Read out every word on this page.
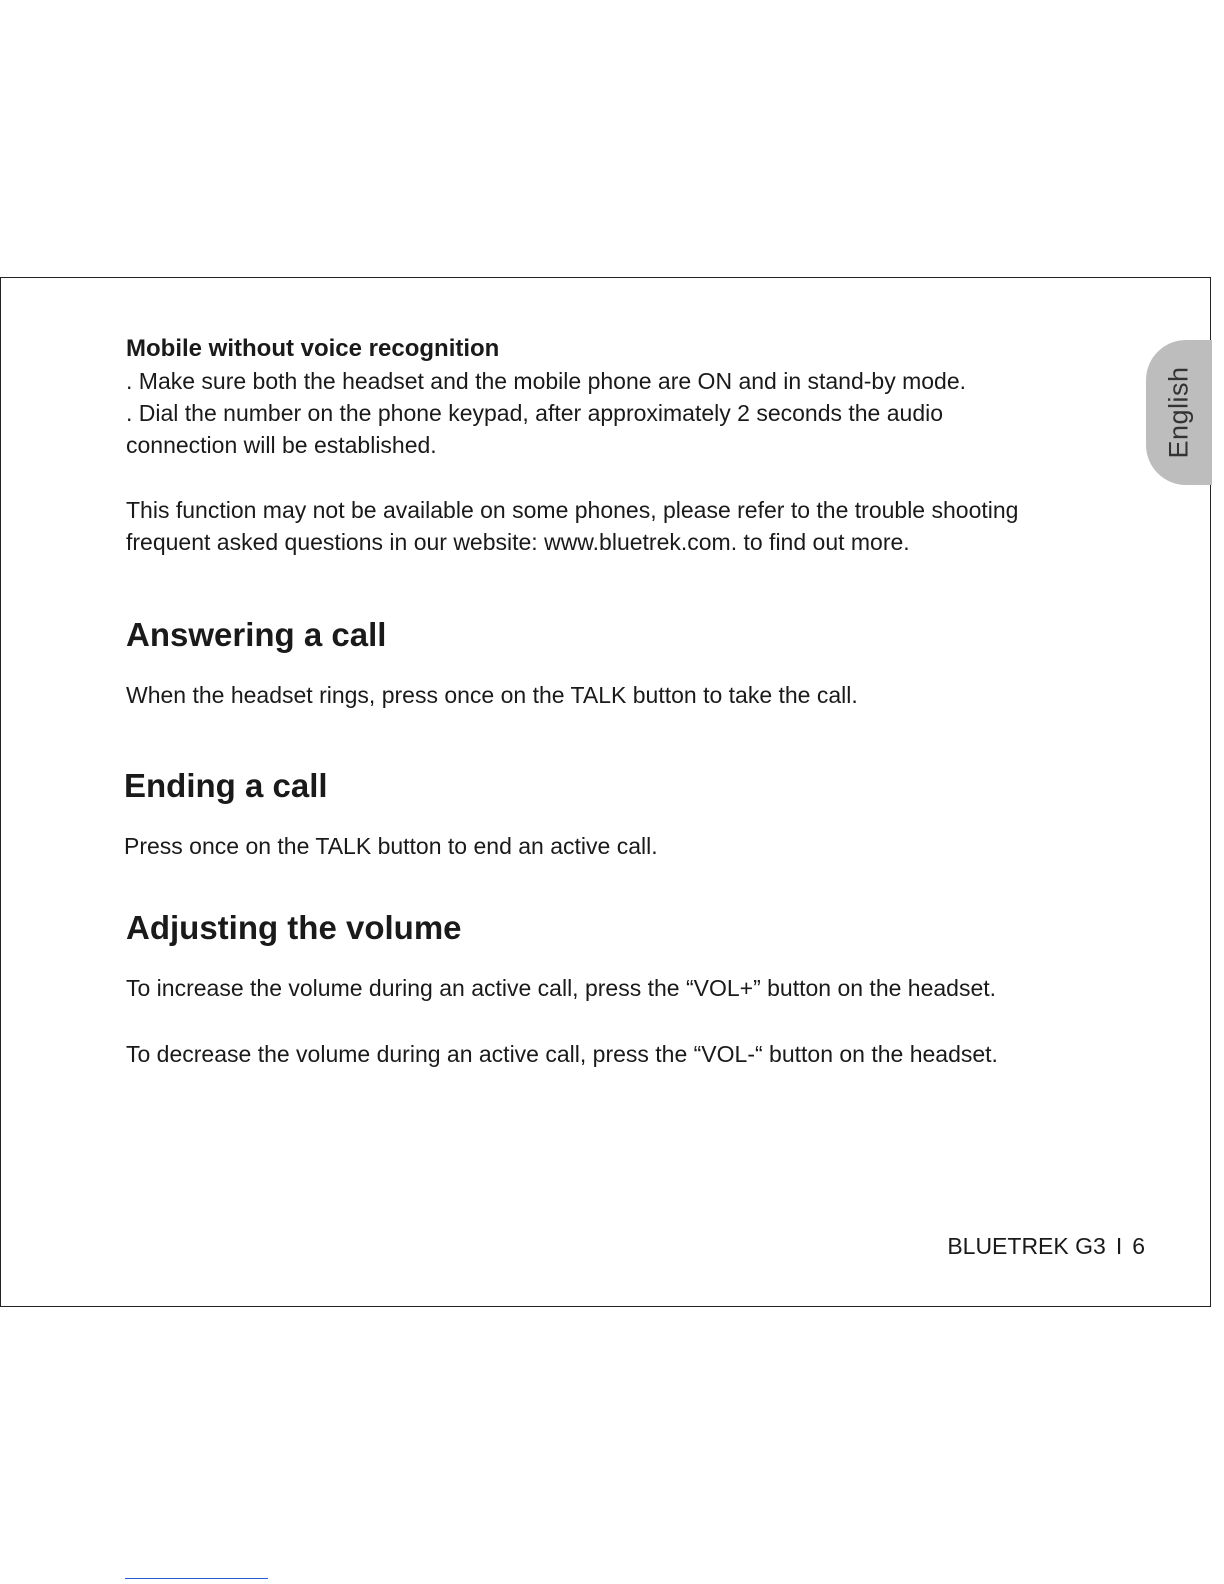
English

Mobile without voice recognition

. Make sure both the headset and the mobile phone are ON and in stand-by mode.

. Dial the number on the phone keypad, after approximately 2 seconds the audio

connection will be established.

This function may not be available on some phones, please refer to the trouble shooting

frequent asked questions in our website: www.bluetrek.com. to find out more.

Answering a call

When the headset rings, press once on the TALK button to take the call.

Ending a call

Press once on the TALK button to end an active call.

Adjusting the volume

To increase the volume during an active call, press the “VOL+” button on the headset.

To decrease the volume during an active call, press the “VOL-“ button on the headset.

BLUETREK G3 I 6
